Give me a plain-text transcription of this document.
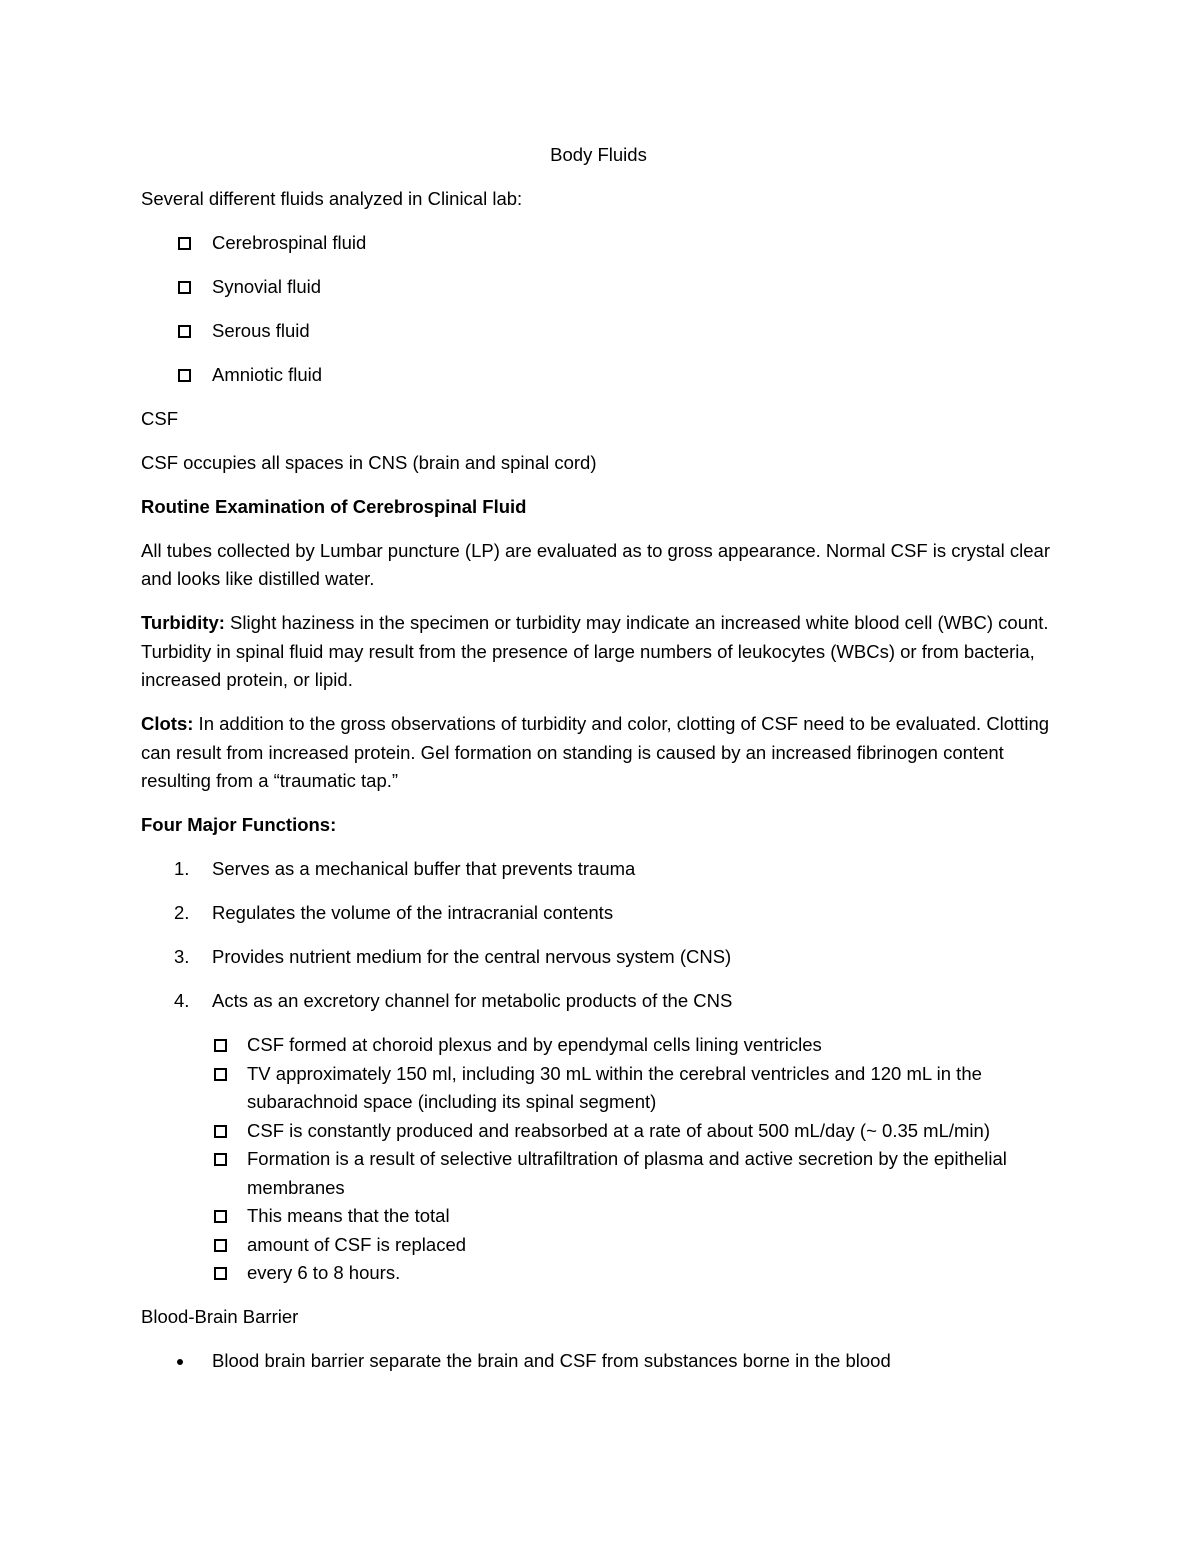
Body Fluids

Several different fluids analyzed in Clinical lab:

Cerebrospinal fluid
Synovial fluid
Serous fluid
Amniotic fluid

CSF

CSF occupies all spaces in CNS (brain and spinal cord)

Routine Examination of Cerebrospinal Fluid

All tubes collected by Lumbar puncture (LP) are evaluated as to gross appearance. Normal CSF is crystal clear and looks like distilled water.

Turbidity: Slight haziness in the specimen or turbidity may indicate an increased white blood cell (WBC) count. Turbidity in spinal fluid may result from the presence of large numbers of leukocytes (WBCs) or from bacteria, increased protein, or lipid.

Clots: In addition to the gross observations of turbidity and color, clotting of CSF need to be evaluated. Clotting can result from increased protein. Gel formation on standing is caused by an increased fibrinogen content resulting from a “traumatic tap.”

Four Major Functions:

1. Serves as a mechanical buffer that prevents trauma
2. Regulates the volume of the intracranial contents
3. Provides nutrient medium for the central nervous system (CNS)
4. Acts as an excretory channel for metabolic products of the CNS
CSF formed at choroid plexus and by ependymal cells lining ventricles
TV approximately 150 ml, including 30 mL within the cerebral ventricles and 120 mL in the subarachnoid space (including its spinal segment)
CSF is constantly produced and reabsorbed at a rate of about 500 mL/day (~ 0.35 mL/min)
Formation is a result of selective ultrafiltration of plasma and active secretion by the epithelial membranes
This means that the total
amount of CSF is replaced
every 6 to 8 hours.

Blood-Brain Barrier

Blood brain barrier separate the brain and CSF from substances borne in the blood
